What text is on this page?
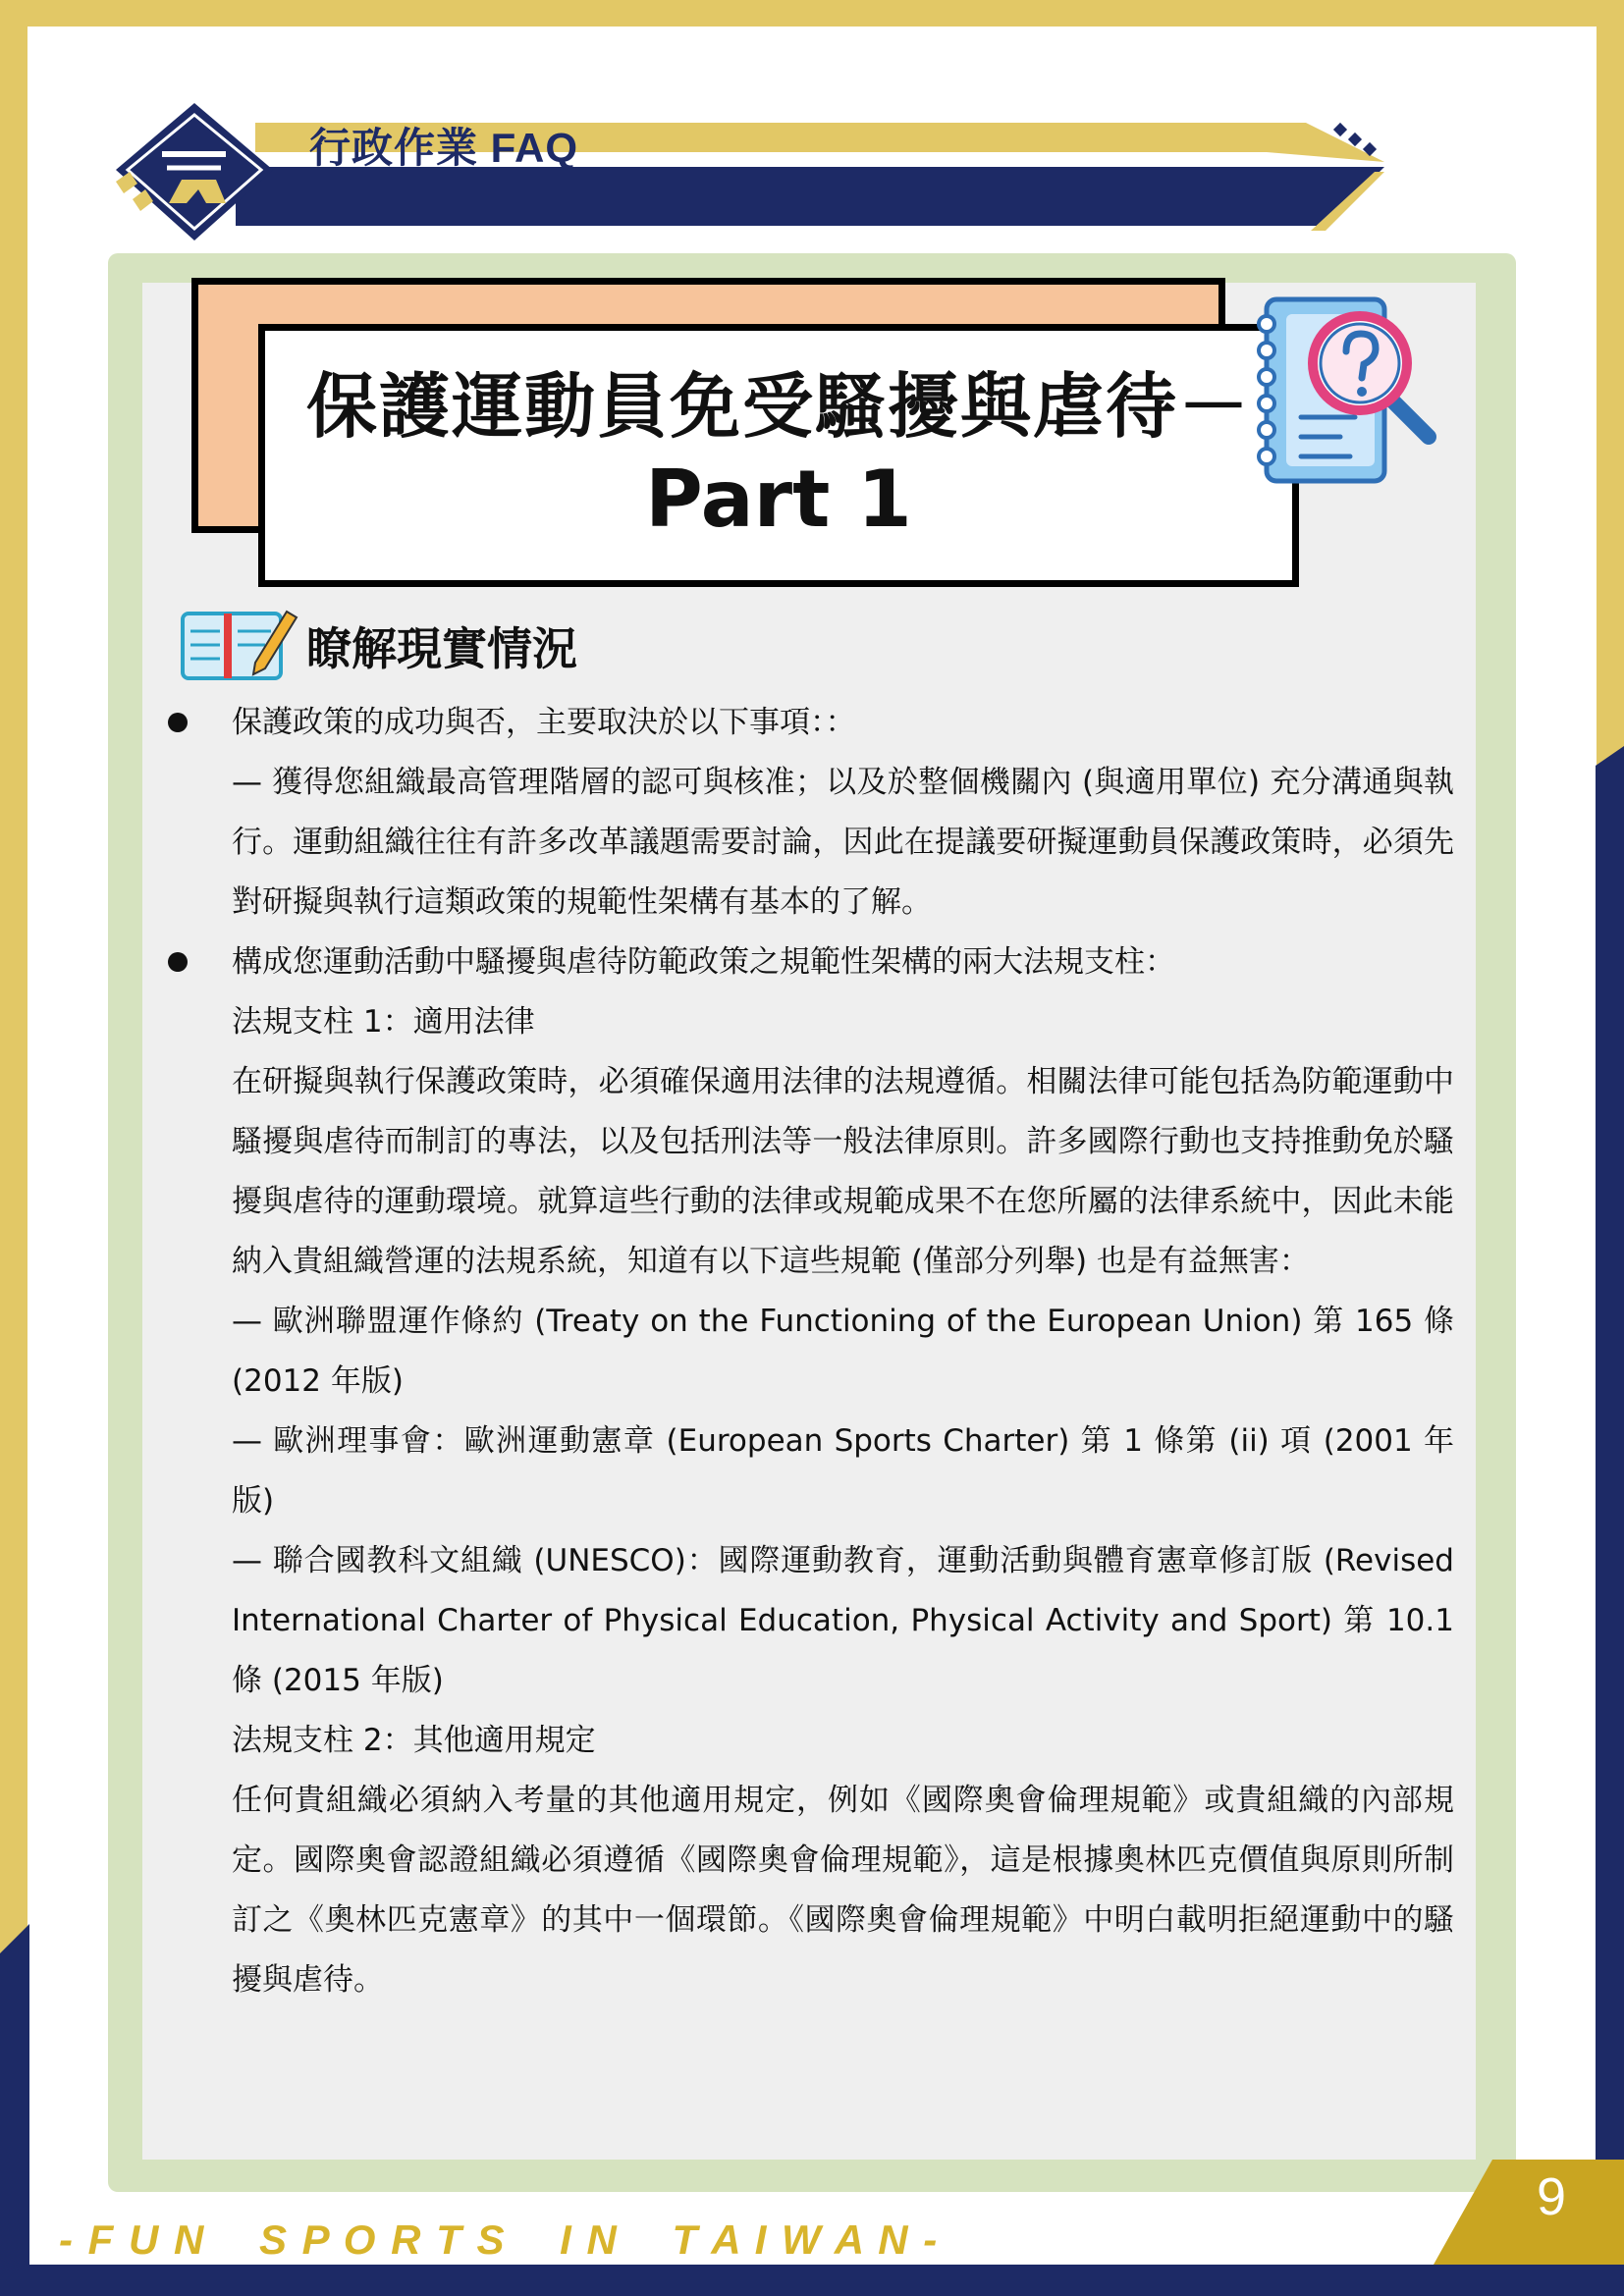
行政作業 FAQ
保護運動員免受騷擾與虐待－
Part 1
瞭解現實情況

保護政策的成功與否，主要取決於以下事項：：

— 獲得您組織最高管理階層的認可與核准；以及於整個機關內 (與適用單位) 充分溝通與執行。運動組織往往有許多改革議題需要討論，因此在提議要研擬運動員保護政策時，必須先對研擬與執行這類政策的規範性架構有基本的了解。

構成您運動活動中騷擾與虐待防範政策之規範性架構的兩大法規支柱：

法規支柱 1：適用法律

在研擬與執行保護政策時，必須確保適用法律的法規遵循。相關法律可能包括為防範運動中騷擾與虐待而制訂的專法，以及包括刑法等一般法律原則。許多國際行動也支持推動免於騷擾與虐待的運動環境。就算這些行動的法律或規範成果不在您所屬的法律系統中，因此未能納入貴組織營運的法規系統，知道有以下這些規範 (僅部分列舉) 也是有益無害：

— 歐洲聯盟運作條約 (Treaty on the Functioning of the European Union) 第 165 條 (2012 年版)

— 歐洲理事會：歐洲運動憲章 (European Sports Charter) 第 1 條第 (ii) 項 (2001 年版)

— 聯合國教科文組織 (UNESCO)：國際運動教育，運動活動與體育憲章修訂版 (Revised International Charter of Physical Education, Physical Activity and Sport) 第 10.1 條 (2015 年版)

法規支柱 2：其他適用規定

任何貴組織必須納入考量的其他適用規定，例如《國際奧會倫理規範》或貴組織的內部規定。國際奧會認證組織必須遵循《國際奧會倫理規範》，這是根據奧林匹克價值與原則所制訂之《奧林匹克憲章》的其中一個環節。《國際奧會倫理規範》中明白載明拒絕運動中的騷擾與虐待。

- F U N    S P O R T S    I N    T A I W A N -
9
